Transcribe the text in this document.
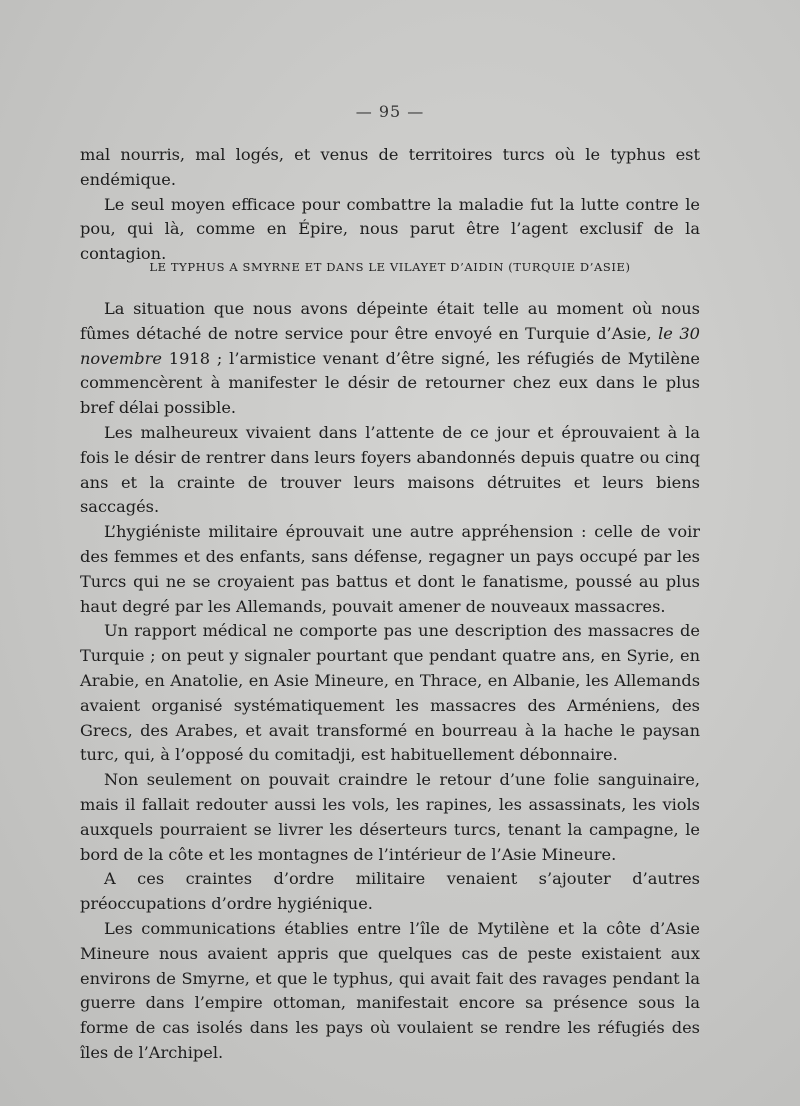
— 95 —

mal nourris, mal logés, et venus de territoires turcs où le typhus est endémique.

Le seul moyen efficace pour combattre la maladie fut la lutte contre le pou, qui là, comme en Épire, nous parut être l’agent exclusif de la contagion.

LE TYPHUS A SMYRNE ET DANS LE VILAYET D’AIDIN (TURQUIE D’ASIE)

La situation que nous avons dépeinte était telle au moment où nous fûmes détaché de notre service pour être envoyé en Turquie d’Asie, le 30 novembre 1918 ; l’armistice venant d’être signé, les réfugiés de Mytilène commencèrent à manifester le désir de retourner chez eux dans le plus bref délai possible.

Les malheureux vivaient dans l’attente de ce jour et éprouvaient à la fois le désir de rentrer dans leurs foyers abandonnés depuis quatre ou cinq ans et la crainte de trouver leurs maisons détruites et leurs biens saccagés.

L’hygiéniste militaire éprouvait une autre appréhension : celle de voir des femmes et des enfants, sans défense, regagner un pays occupé par les Turcs qui ne se croyaient pas battus et dont le fanatisme, poussé au plus haut degré par les Allemands, pouvait amener de nouveaux massacres.

Un rapport médical ne comporte pas une description des massacres de Turquie ; on peut y signaler pourtant que pendant quatre ans, en Syrie, en Arabie, en Anatolie, en Asie Mineure, en Thrace, en Albanie, les Allemands avaient organisé systématiquement les massacres des Arméniens, des Grecs, des Arabes, et avait transformé en bourreau à la hache le paysan turc, qui, à l’opposé du comitadji, est habituellement débonnaire.

Non seulement on pouvait craindre le retour d’une folie sanguinaire, mais il fallait redouter aussi les vols, les rapines, les assassinats, les viols auxquels pourraient se livrer les déserteurs turcs, tenant la campagne, le bord de la côte et les montagnes de l’intérieur de l’Asie Mineure.

A ces craintes d’ordre militaire venaient s’ajouter d’autres préoccupations d’ordre hygiénique.

Les communications établies entre l’île de Mytilène et la côte d’Asie Mineure nous avaient appris que quelques cas de peste existaient aux environs de Smyrne, et que le typhus, qui avait fait des ravages pendant la guerre dans l’empire ottoman, manifestait encore sa présence sous la forme de cas isolés dans les pays où voulaient se rendre les réfugiés des îles de l’Archipel.
